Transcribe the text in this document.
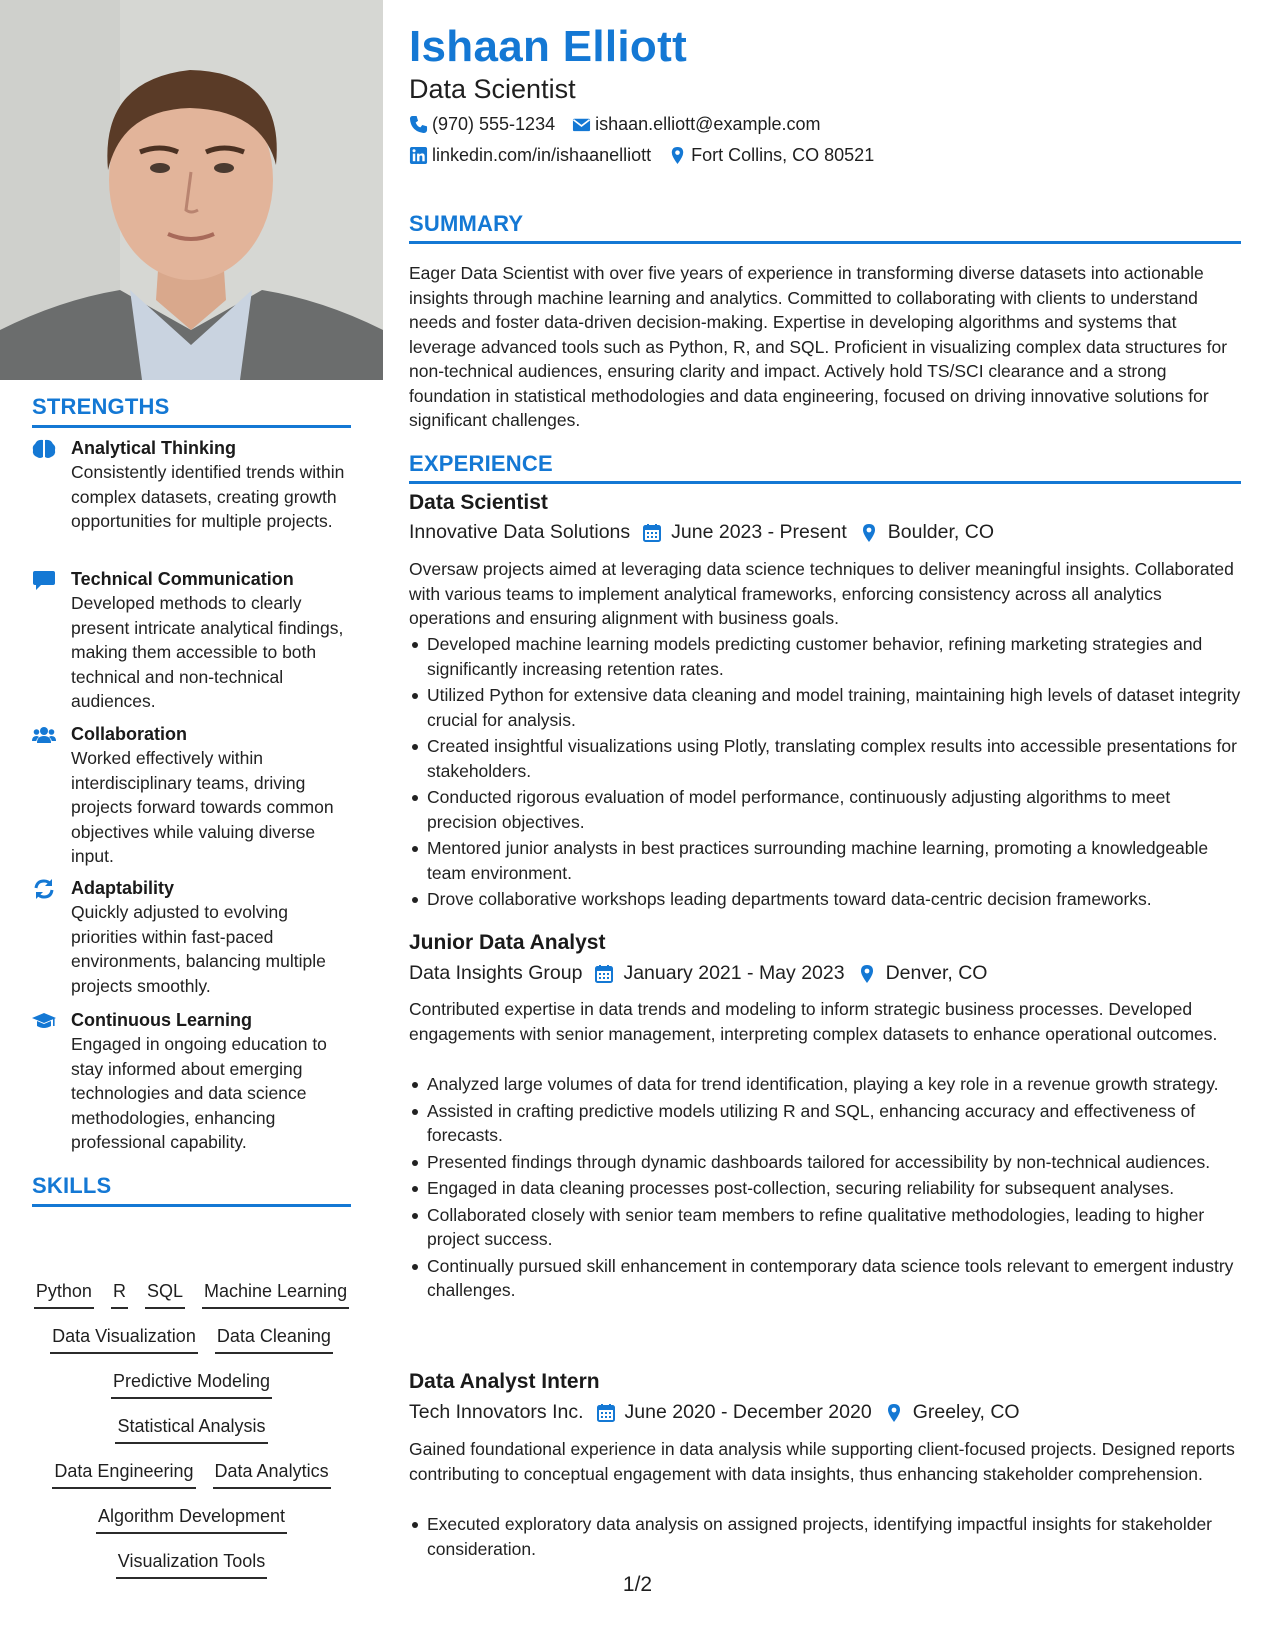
STRENGTHS
Analytical Thinking
Consistently identified trends within complex datasets, creating growth opportunities for multiple projects.
Technical Communication
Developed methods to clearly present intricate analytical findings, making them accessible to both technical and non-technical audiences.
Collaboration
Worked effectively within interdisciplinary teams, driving projects forward towards common objectives while valuing diverse input.
Adaptability
Quickly adjusted to evolving priorities within fast-paced environments, balancing multiple projects smoothly.
Continuous Learning
Engaged in ongoing education to stay informed about emerging technologies and data science methodologies, enhancing professional capability.
SKILLS
Python R SQL Machine Learning
Data Visualization Data Cleaning
Predictive Modeling
Statistical Analysis
Data Engineering Data Analytics
Algorithm Development
Visualization Tools
Ishaan Elliott
Data Scientist
(970) 555-1234 ishaan.elliott@example.com
linkedin.com/in/ishaanelliott Fort Collins, CO 80521
SUMMARY
Eager Data Scientist with over five years of experience in transforming diverse datasets into actionable insights through machine learning and analytics. Committed to collaborating with clients to understand needs and foster data-driven decision-making. Expertise in developing algorithms and systems that leverage advanced tools such as Python, R, and SQL. Proficient in visualizing complex data structures for non-technical audiences, ensuring clarity and impact. Actively hold TS/SCI clearance and a strong foundation in statistical methodologies and data engineering, focused on driving innovative solutions for significant challenges.
EXPERIENCE
Data Scientist
Innovative Data Solutions June 2023 - Present Boulder, CO
Oversaw projects aimed at leveraging data science techniques to deliver meaningful insights. Collaborated with various teams to implement analytical frameworks, enforcing consistency across all analytics operations and ensuring alignment with business goals.
Developed machine learning models predicting customer behavior, refining marketing strategies and significantly increasing retention rates.
Utilized Python for extensive data cleaning and model training, maintaining high levels of dataset integrity crucial for analysis.
Created insightful visualizations using Plotly, translating complex results into accessible presentations for stakeholders.
Conducted rigorous evaluation of model performance, continuously adjusting algorithms to meet precision objectives.
Mentored junior analysts in best practices surrounding machine learning, promoting a knowledgeable team environment.
Drove collaborative workshops leading departments toward data-centric decision frameworks.
Junior Data Analyst
Data Insights Group January 2021 - May 2023 Denver, CO
Contributed expertise in data trends and modeling to inform strategic business processes. Developed engagements with senior management, interpreting complex datasets to enhance operational outcomes.
Analyzed large volumes of data for trend identification, playing a key role in a revenue growth strategy.
Assisted in crafting predictive models utilizing R and SQL, enhancing accuracy and effectiveness of forecasts.
Presented findings through dynamic dashboards tailored for accessibility by non-technical audiences.
Engaged in data cleaning processes post-collection, securing reliability for subsequent analyses.
Collaborated closely with senior team members to refine qualitative methodologies, leading to higher project success.
Continually pursued skill enhancement in contemporary data science tools relevant to emergent industry challenges.
Data Analyst Intern
Tech Innovators Inc. June 2020 - December 2020 Greeley, CO
Gained foundational experience in data analysis while supporting client-focused projects. Designed reports contributing to conceptual engagement with data insights, thus enhancing stakeholder comprehension.
Executed exploratory data analysis on assigned projects, identifying impactful insights for stakeholder consideration.
1/2
